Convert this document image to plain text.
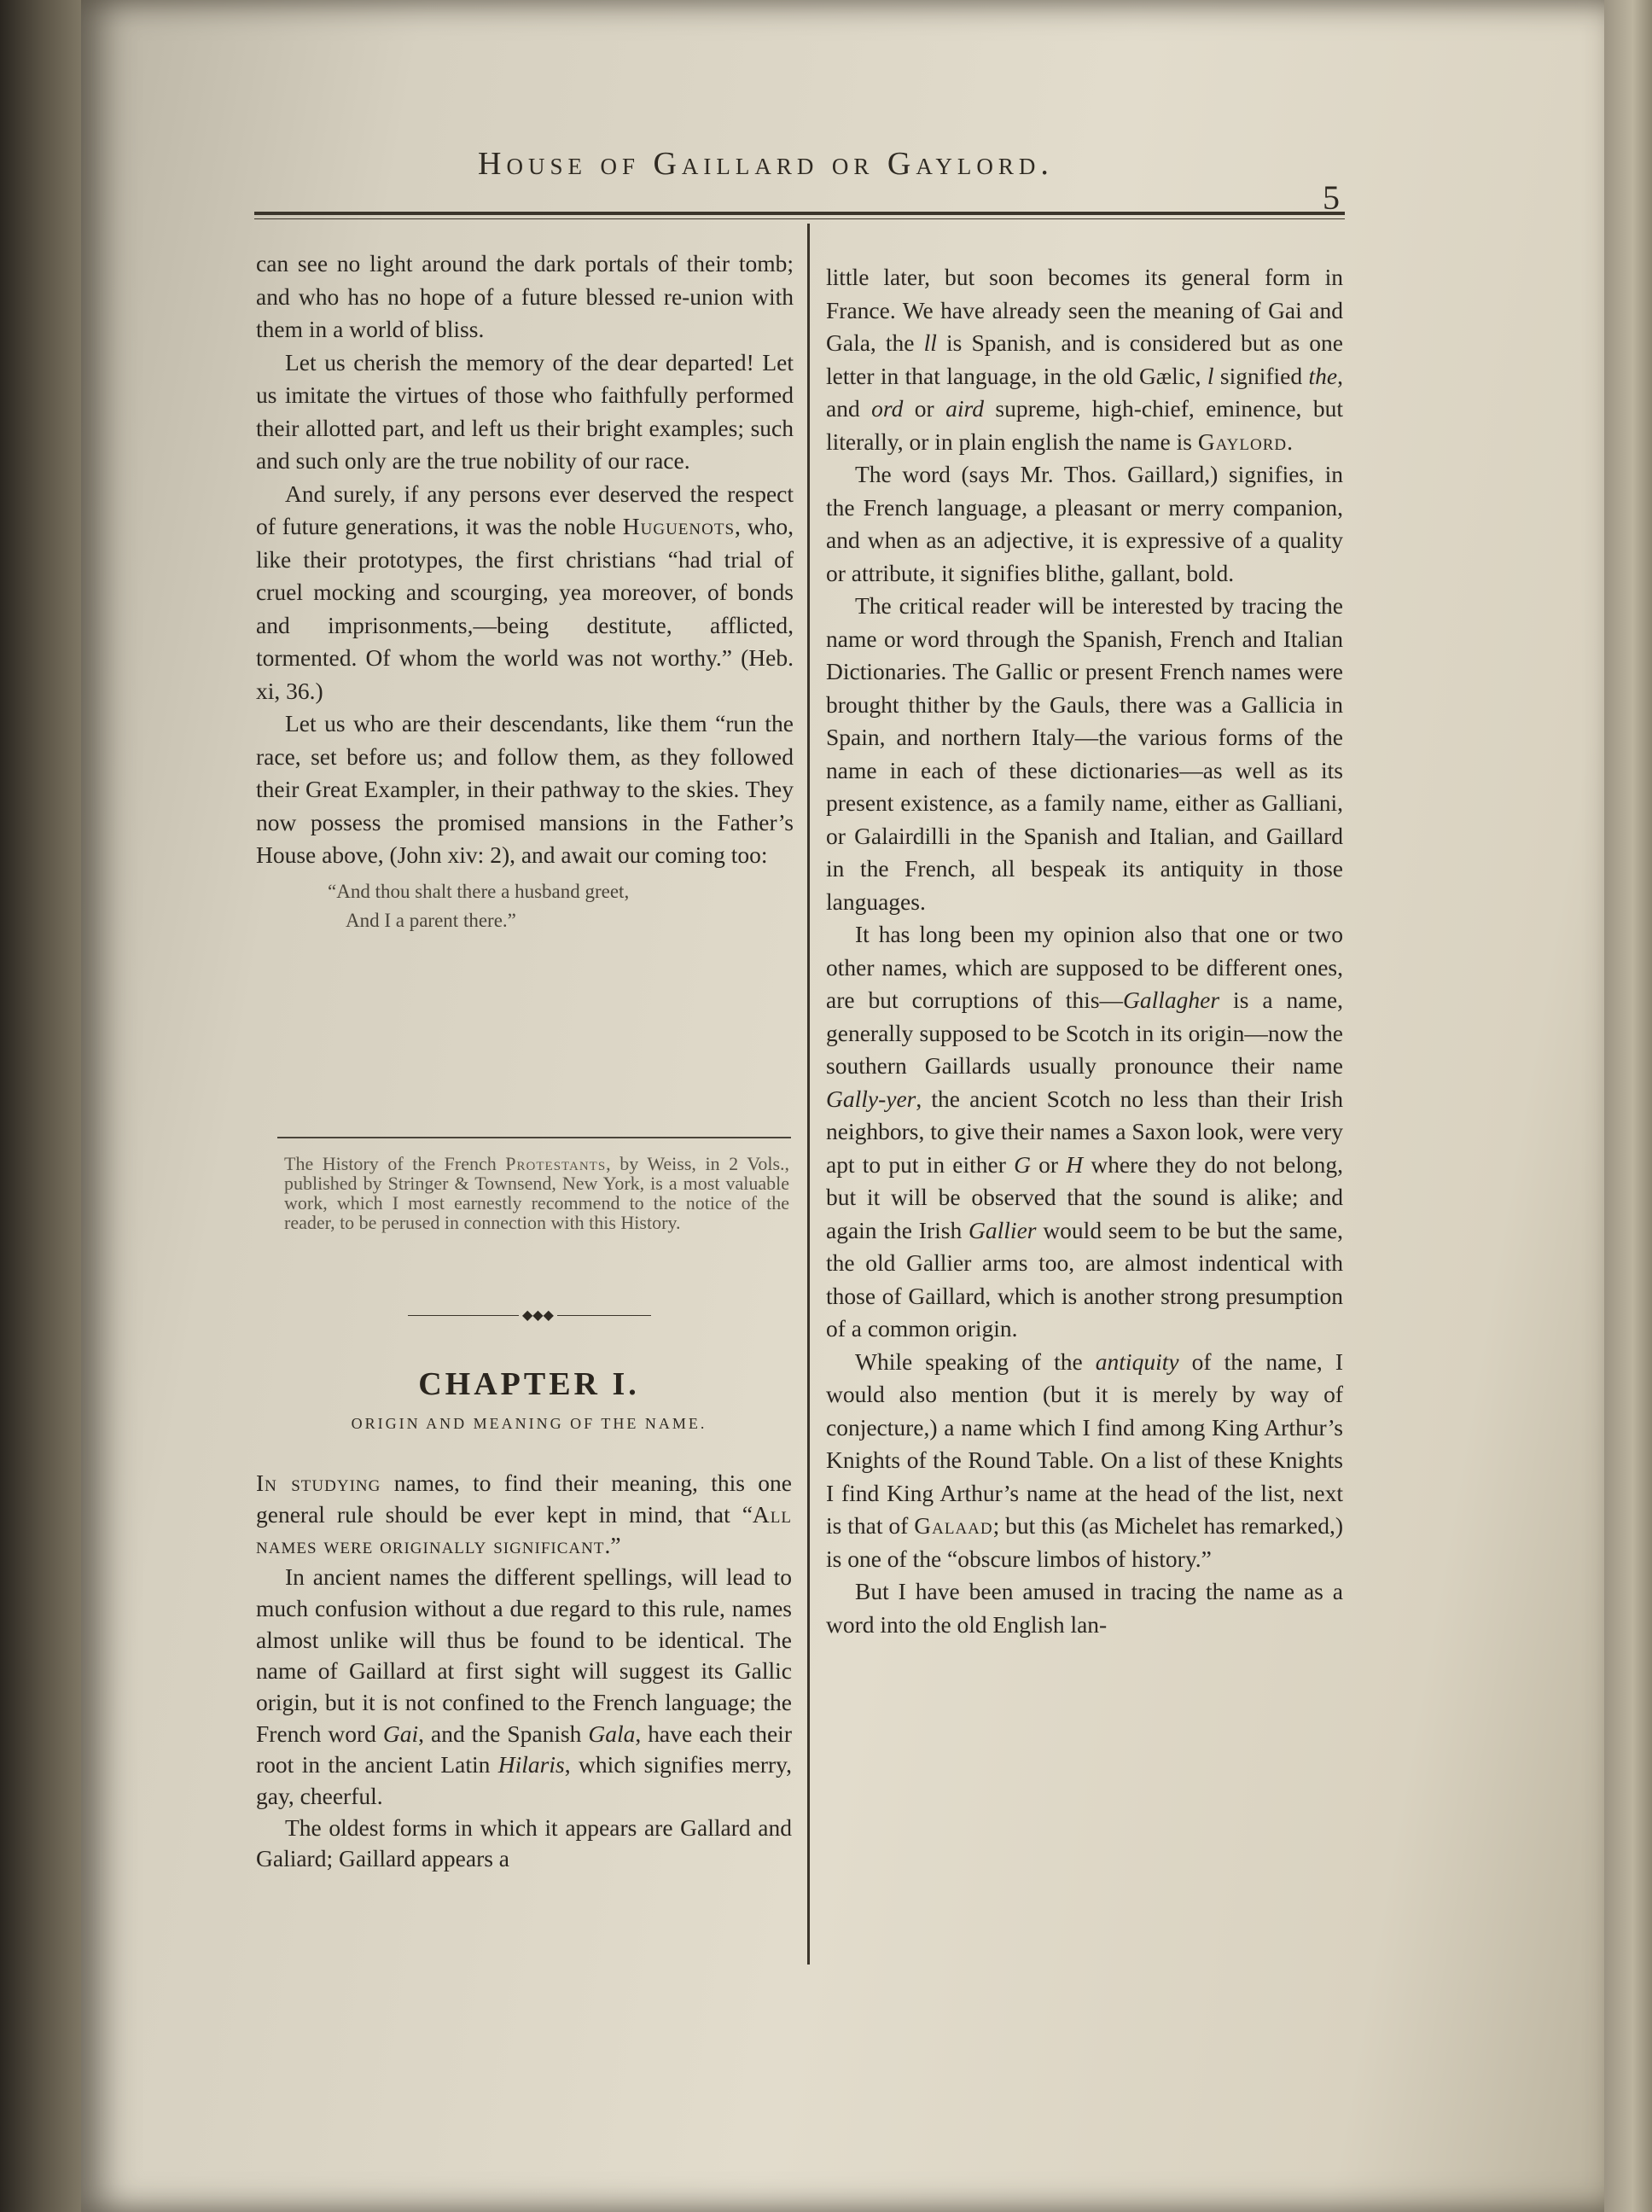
House of Gaillard or Gaylord.
5

can see no light around the dark portals of their tomb; and who has no hope of a future blessed re-union with them in a world of bliss.

Let us cherish the memory of the dear departed! Let us imitate the virtues of those who faithfully performed their allotted part, and left us their bright examples; such and such only are the true nobility of our race.

And surely, if any persons ever deserved the respect of future generations, it was the noble Huguenots, who, like their prototypes, the first christians “had trial of cruel mocking and scourging, yea moreover, of bonds and imprisonments,—being destitute, afflicted, tormented. Of whom the world was not worthy.” (Heb. xi, 36.)

Let us who are their descendants, like them “run the race, set before us; and follow them, as they followed their Great Exampler, in their pathway to the skies. They now possess the promised mansions in the Father’s House above, (John xiv: 2), and await our coming too:

“And thou shalt there a husband greet,
And I a parent there.”
The History of the French Protestants, by Weiss, in 2 Vols., published by Stringer & Townsend, New York, is a most valuable work, which I most earnestly recommend to the notice of the reader, to be perused in connection with this History.
◆◆◆
CHAPTER I.
ORIGIN AND MEANING OF THE NAME.

In studying names, to find their meaning, this one general rule should be ever kept in mind, that “All names were originally significant.”

In ancient names the different spellings, will lead to much confusion without a due regard to this rule, names almost unlike will thus be found to be identical. The name of Gaillard at first sight will suggest its Gallic origin, but it is not confined to the French language; the French word Gai, and the Spanish Gala, have each their root in the ancient Latin Hilaris, which signifies merry, gay, cheerful.

The oldest forms in which it appears are Gallard and Galiard; Gaillard appears a

little later, but soon becomes its general form in France. We have already seen the meaning of Gai and Gala, the ll is Spanish, and is considered but as one letter in that language, in the old Gælic, l signified the, and ord or aird supreme, high-chief, eminence, but literally, or in plain english the name is Gaylord.

The word (says Mr. Thos. Gaillard,) signifies, in the French language, a pleasant or merry companion, and when as an adjective, it is expressive of a quality or attribute, it signifies blithe, gallant, bold.

The critical reader will be interested by tracing the name or word through the Spanish, French and Italian Dictionaries. The Gallic or present French names were brought thither by the Gauls, there was a Gallicia in Spain, and northern Italy—the various forms of the name in each of these dictionaries—as well as its present existence, as a family name, either as Galliani, or Galairdilli in the Spanish and Italian, and Gaillard in the French, all bespeak its antiquity in those languages.

It has long been my opinion also that one or two other names, which are supposed to be different ones, are but corruptions of this—Gallagher is a name, generally supposed to be Scotch in its origin—now the southern Gaillards usually pronounce their name Gally-yer, the ancient Scotch no less than their Irish neighbors, to give their names a Saxon look, were very apt to put in either G or H where they do not belong, but it will be observed that the sound is alike; and again the Irish Gallier would seem to be but the same, the old Gallier arms too, are almost indentical with those of Gaillard, which is another strong presumption of a common origin.

While speaking of the antiquity of the name, I would also mention (but it is merely by way of conjecture,) a name which I find among King Arthur’s Knights of the Round Table. On a list of these Knights I find King Arthur’s name at the head of the list, next is that of Galaad; but this (as Michelet has remarked,) is one of the “obscure limbos of history.”

But I have been amused in tracing the name as a word into the old English lan-
